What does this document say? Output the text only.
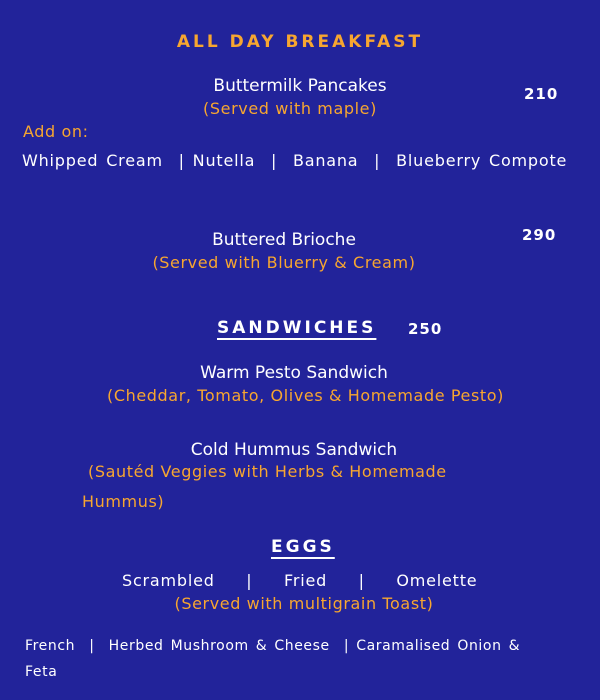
ALL DAY BREAKFAST
Buttermilk Pancakes
(Served with maple)
210
Add on:
Whipped Cream  | Nutella  |  Banana  |  Blueberry Compote
Buttered Brioche
(Served with Bluerry & Cream)
290
SANDWICHES 250
Warm Pesto Sandwich
(Cheddar, Tomato, Olives & Homemade Pesto)
Cold Hummus Sandwich
(Sautéd Veggies with Herbs & Homemade
Hummus)
EGGS
Scrambled    |    Fried    |    Omelette
(Served with multigrain Toast)
French  |  Herbed Mushroom & Cheese  | Caramalised Onion &
Feta
